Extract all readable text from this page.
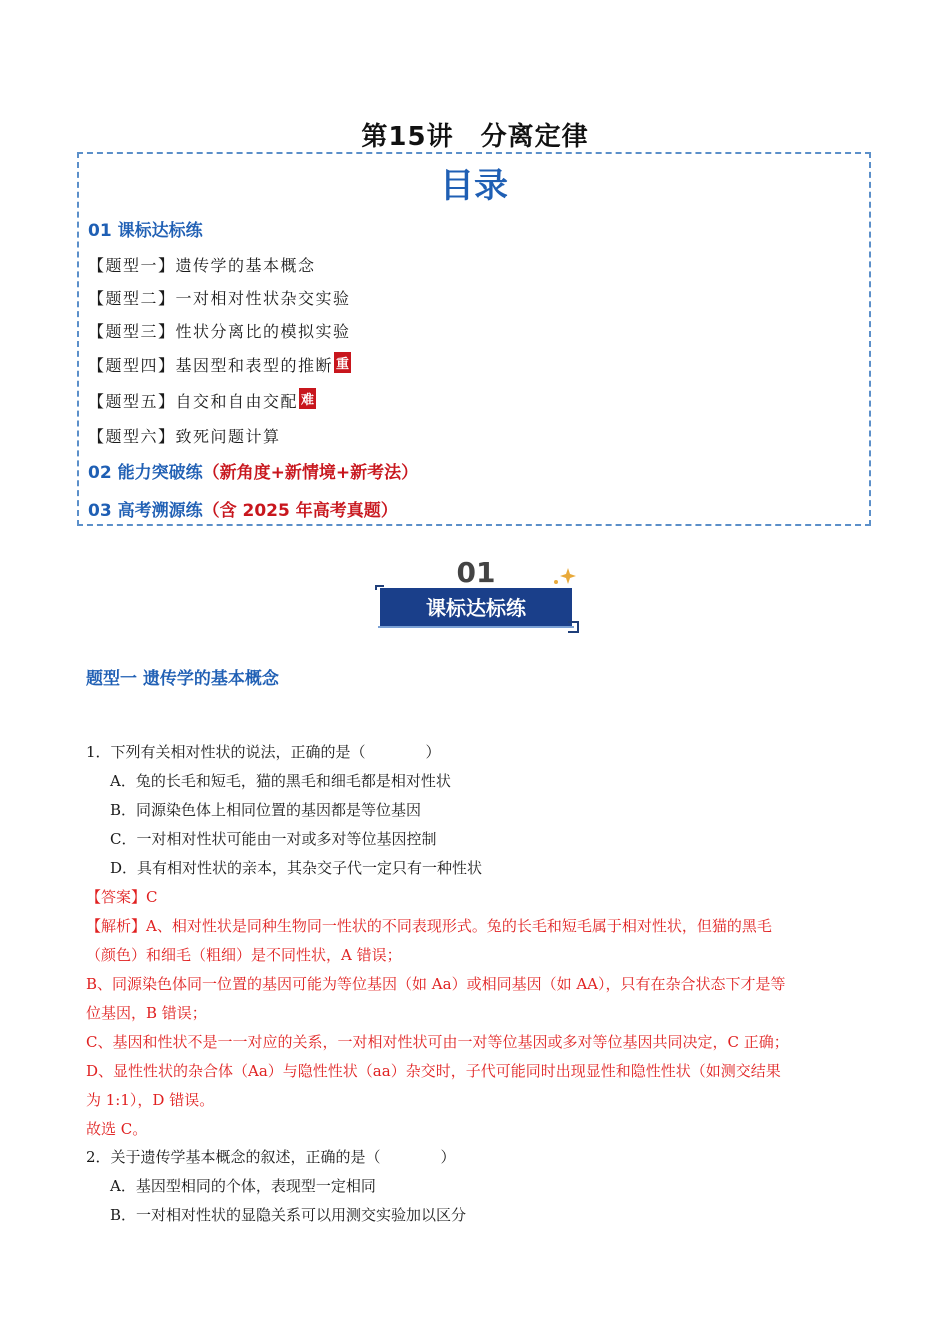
第15讲　分离定律
目录
01 课标达标练
【题型一】遗传学的基本概念
【题型二】一对相对性状杂交实验
【题型三】性状分离比的模拟实验
【题型四】基因型和表型的推断 重
【题型五】自交和自由交配 难
【题型六】致死问题计算
02 能力突破练（新角度+新情境+新考法）
03 高考溯源练（含 2025 年高考真题）
01
课标达标练
题型一 遗传学的基本概念
1．下列有关相对性状的说法，正确的是（　　　　）
A．兔的长毛和短毛，猫的黑毛和细毛都是相对性状
B．同源染色体上相同位置的基因都是等位基因
C．一对相对性状可能由一对或多对等位基因控制
D．具有相对性状的亲本，其杂交子代一定只有一种性状
【答案】C
【解析】A、相对性状是同种生物同一性状的不同表现形式。兔的长毛和短毛属于相对性状，但猫的黑毛
（颜色）和细毛（粗细）是不同性状，A 错误；
B、同源染色体同一位置的基因可能为等位基因（如 Aa）或相同基因（如 AA），只有在杂合状态下才是等
位基因，B 错误；
C、基因和性状不是一一对应的关系，一对相对性状可由一对等位基因或多对等位基因共同决定，C 正确；
D、显性性状的杂合体（Aa）与隐性性状（aa）杂交时，子代可能同时出现显性和隐性性状（如测交结果
为 1:1），D 错误。
故选 C。
2．关于遗传学基本概念的叙述，正确的是（　　　　）
A．基因型相同的个体，表现型一定相同
B．一对相对性状的显隐关系可以用测交实验加以区分
